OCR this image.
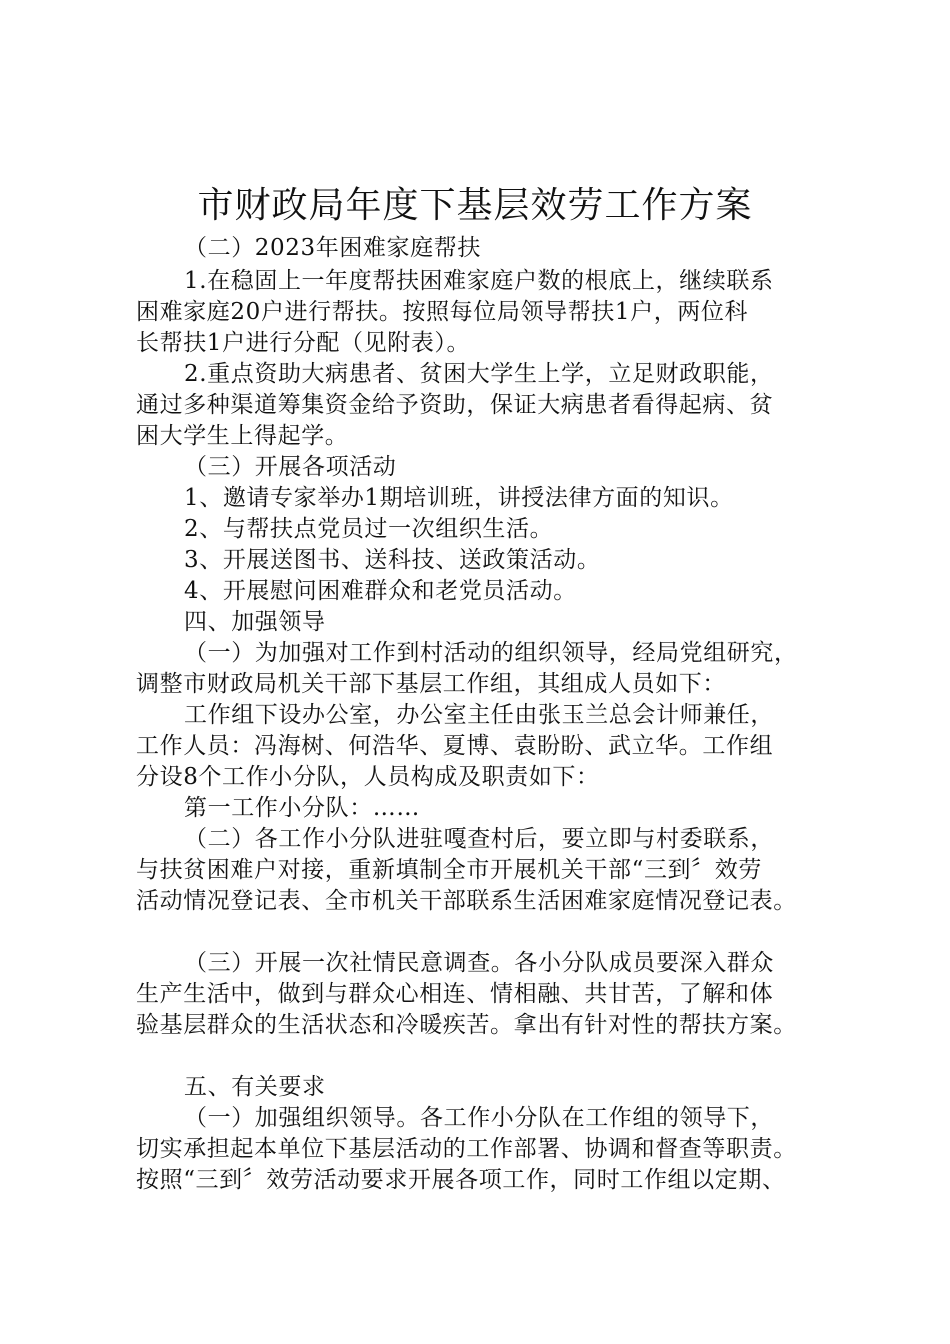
市财政局年度下基层效劳工作方案
（二）2023年困难家庭帮扶
1.在稳固上一年度帮扶困难家庭户数的根底上，继续联系
困难家庭20户进行帮扶。按照每位局领导帮扶1户，两位科
长帮扶1户进行分配（见附表）。
2.重点资助大病患者、贫困大学生上学，立足财政职能，
通过多种渠道筹集资金给予资助，保证大病患者看得起病、贫
困大学生上得起学。
（三）开展各项活动
1、邀请专家举办1期培训班，讲授法律方面的知识。
2、与帮扶点党员过一次组织生活。
3、开展送图书、送科技、送政策活动。
4、开展慰问困难群众和老党员活动。
四、加强领导
（一）为加强对工作到村活动的组织领导，经局党组研究，
调整市财政局机关干部下基层工作组，其组成人员如下：
工作组下设办公室，办公室主任由张玉兰总会计师兼任，
工作人员：冯海树、何浩华、夏博、袁盼盼、武立华。工作组
分设8个工作小分队，人员构成及职责如下：
第一工作小分队：……
（二）各工作小分队进驻嘎查村后，要立即与村委联系，
与扶贫困难户对接，重新填制全市开展机关干部“三到〞效劳
活动情况登记表、全市机关干部联系生活困难家庭情况登记表。
（三）开展一次社情民意调查。各小分队成员要深入群众
生产生活中，做到与群众心相连、情相融、共甘苦，了解和体
验基层群众的生活状态和冷暖疾苦。拿出有针对性的帮扶方案。
五、有关要求
（一）加强组织领导。各工作小分队在工作组的领导下，
切实承担起本单位下基层活动的工作部署、协调和督查等职责。
按照“三到〞效劳活动要求开展各项工作，同时工作组以定期、
